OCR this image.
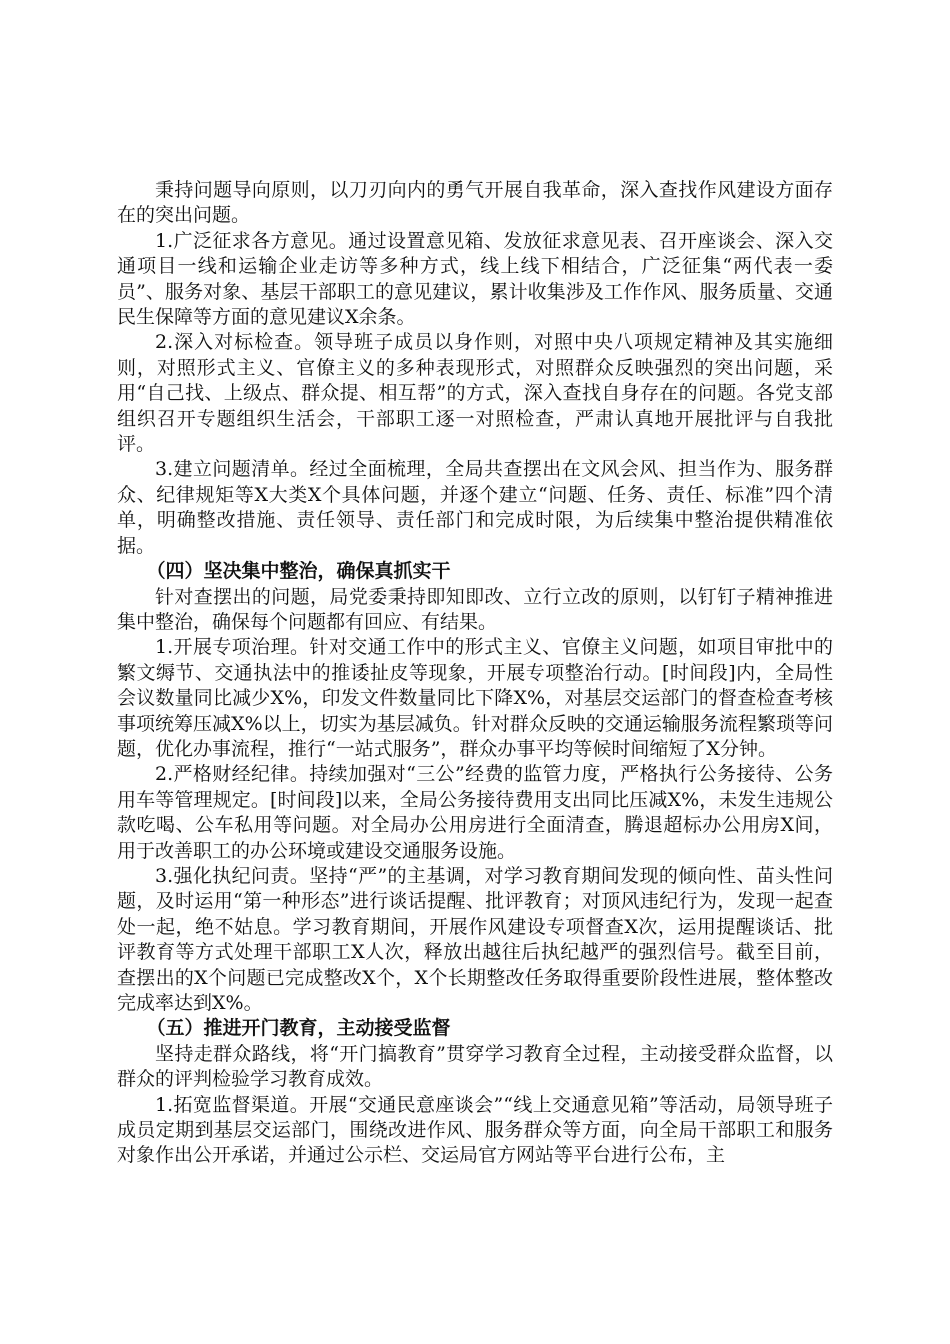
秉持问题导向原则，以刀刃向内的勇气开展自我革命，深入查找作风建设方面存在的突出问题。

1.广泛征求各方意见。通过设置意见箱、发放征求意见表、召开座谈会、深入交通项目一线和运输企业走访等多种方式，线上线下相结合，广泛征集“两代表一委员”、服务对象、基层干部职工的意见建议，累计收集涉及工作作风、服务质量、交通民生保障等方面的意见建议X余条。

2.深入对标检查。领导班子成员以身作则，对照中央八项规定精神及其实施细则，对照形式主义、官僚主义的多种表现形式，对照群众反映强烈的突出问题，采用“自己找、上级点、群众提、相互帮”的方式，深入查找自身存在的问题。各党支部组织召开专题组织生活会，干部职工逐一对照检查，严肃认真地开展批评与自我批评。

3.建立问题清单。经过全面梳理，全局共查摆出在文风会风、担当作为、服务群众、纪律规矩等X大类X个具体问题，并逐个建立“问题、任务、责任、标准”四个清单，明确整改措施、责任领导、责任部门和完成时限，为后续集中整治提供精准依据。

（四）坚决集中整治，确保真抓实干

针对查摆出的问题，局党委秉持即知即改、立行立改的原则，以钉钉子精神推进集中整治，确保每个问题都有回应、有结果。

1.开展专项治理。针对交通工作中的形式主义、官僚主义问题，如项目审批中的繁文缛节、交通执法中的推诿扯皮等现象，开展专项整治行动。[时间段]内，全局性会议数量同比减少X%，印发文件数量同比下降X%，对基层交运部门的督查检查考核事项统筹压减X%以上，切实为基层减负。针对群众反映的交通运输服务流程繁琐等问题，优化办事流程，推行“一站式服务”，群众办事平均等候时间缩短了X分钟。

2.严格财经纪律。持续加强对“三公”经费的监管力度，严格执行公务接待、公务用车等管理规定。[时间段]以来，全局公务接待费用支出同比压减X%，未发生违规公款吃喝、公车私用等问题。对全局办公用房进行全面清查，腾退超标办公用房X间，用于改善职工的办公环境或建设交通服务设施。

3.强化执纪问责。坚持“严”的主基调，对学习教育期间发现的倾向性、苗头性问题，及时运用“第一种形态”进行谈话提醒、批评教育；对顶风违纪行为，发现一起查处一起，绝不姑息。学习教育期间，开展作风建设专项督查X次，运用提醒谈话、批评教育等方式处理干部职工X人次，释放出越往后执纪越严的强烈信号。截至目前，查摆出的X个问题已完成整改X个，X个长期整改任务取得重要阶段性进展，整体整改完成率达到X%。

（五）推进开门教育，主动接受监督

坚持走群众路线，将“开门搞教育”贯穿学习教育全过程，主动接受群众监督，以群众的评判检验学习教育成效。

1.拓宽监督渠道。开展“交通民意座谈会”“线上交通意见箱”等活动，局领导班子成员定期到基层交运部门，围绕改进作风、服务群众等方面，向全局干部职工和服务对象作出公开承诺，并通过公示栏、交运局官方网站等平台进行公布，主
